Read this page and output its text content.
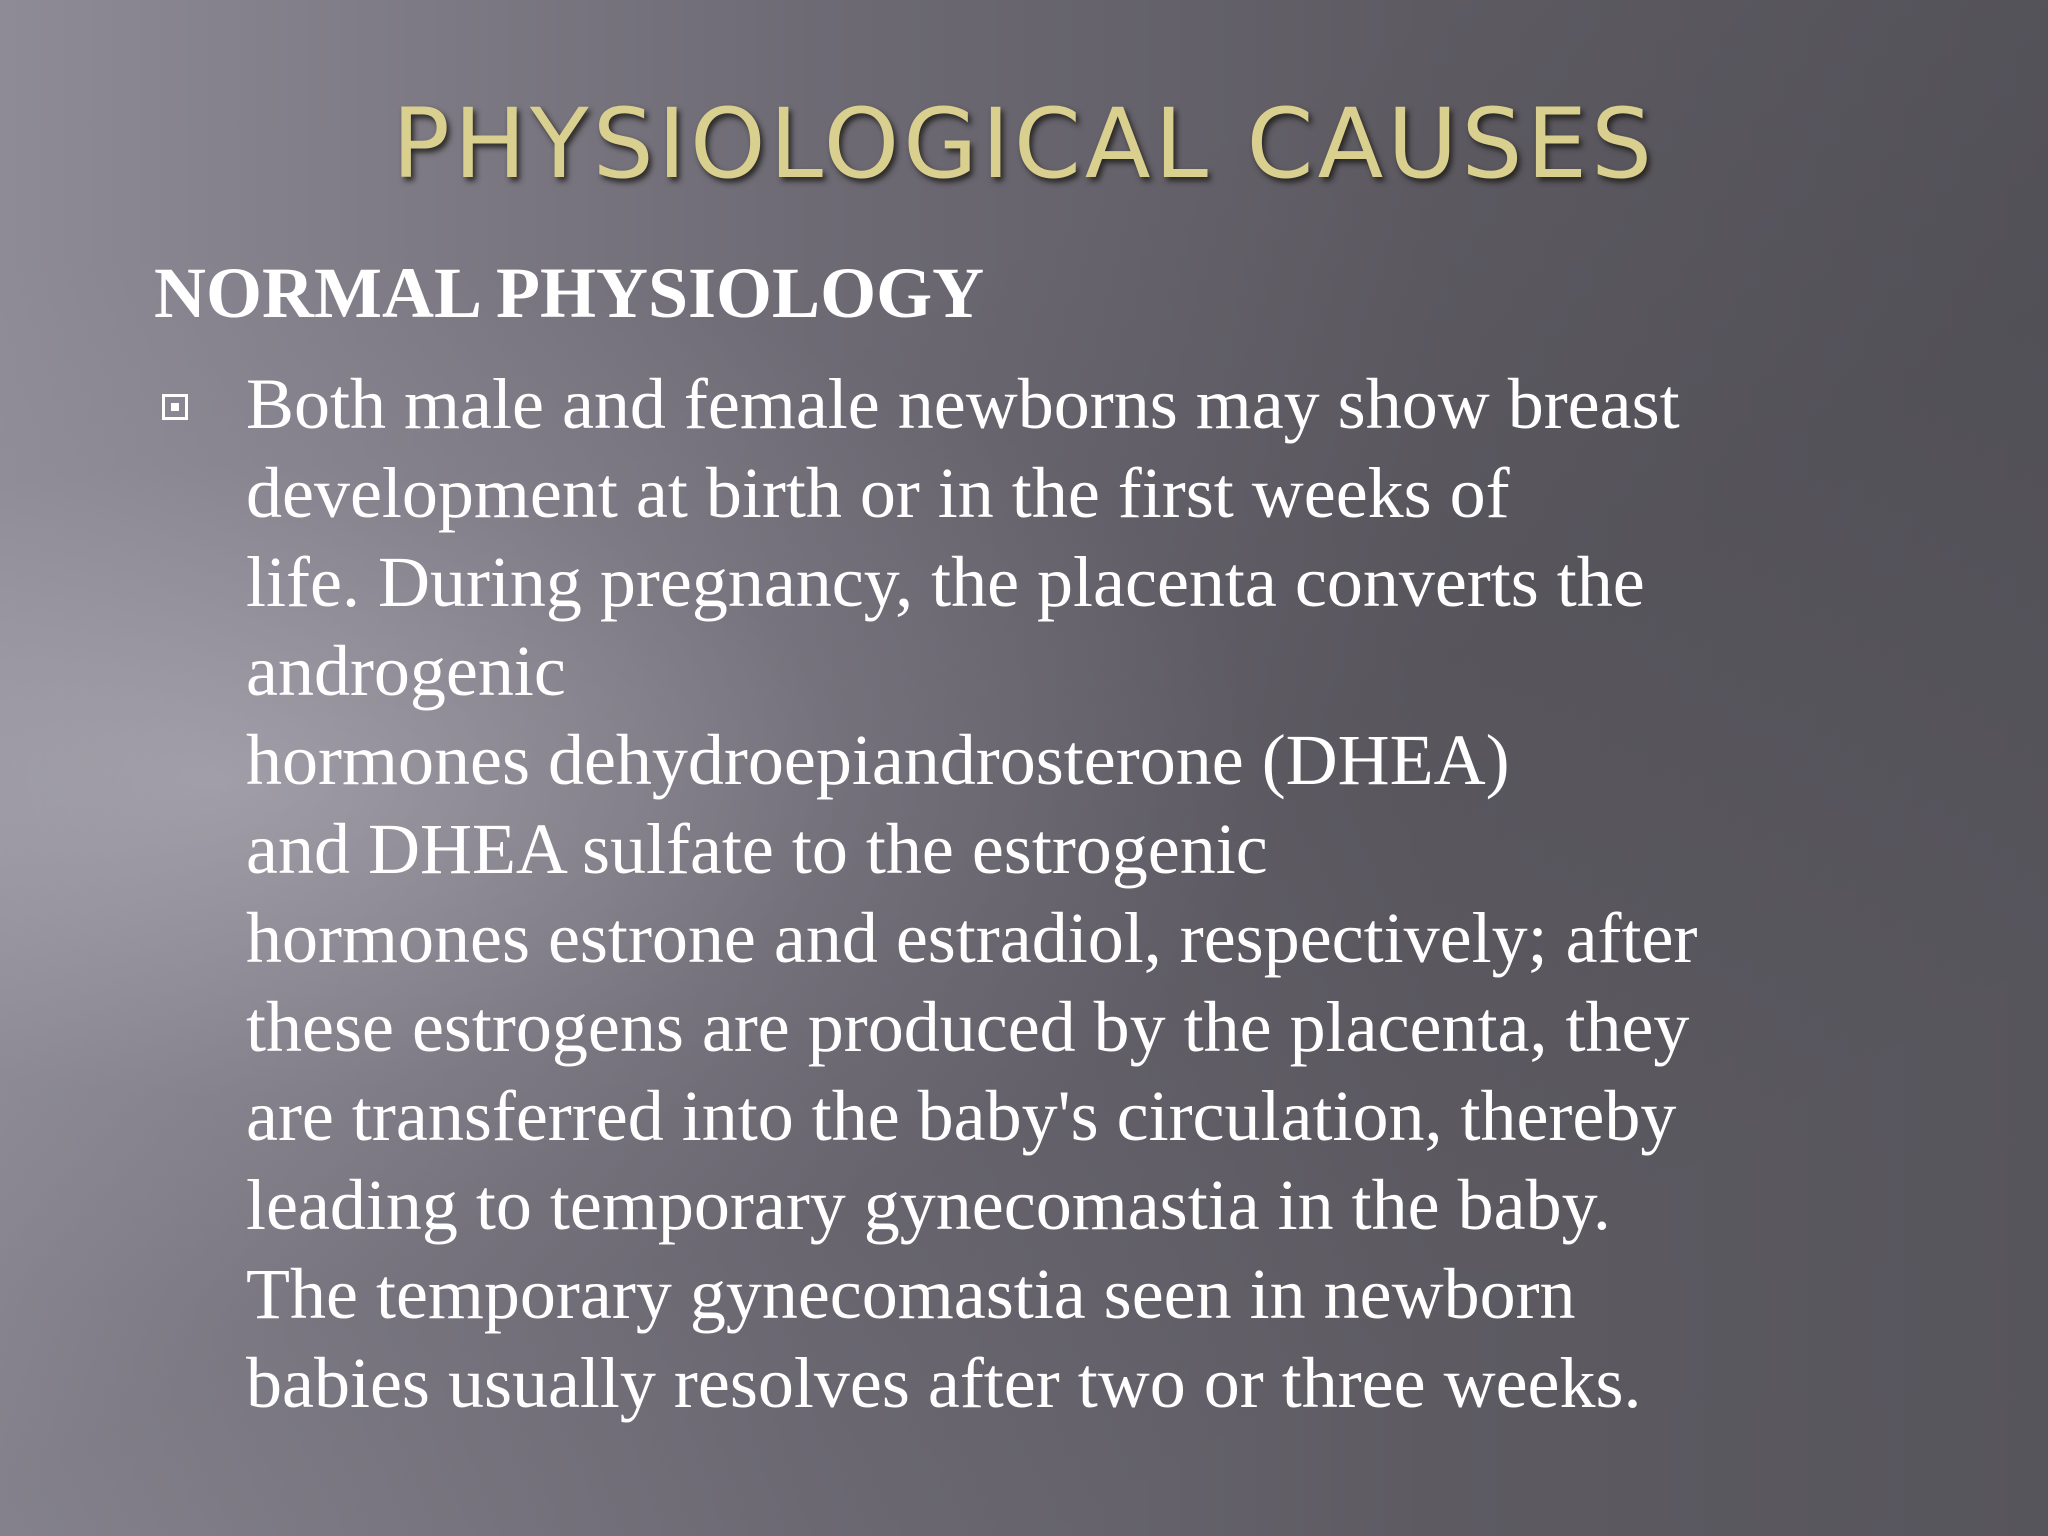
PHYSIOLOGICAL CAUSES
NORMAL PHYSIOLOGY
Both male and female newborns may show breast
development at birth or in the first weeks of
life. During pregnancy, the placenta converts the
androgenic
hormones dehydroepiandrosterone (DHEA)
and DHEA sulfate to the estrogenic
hormones estrone and estradiol, respectively; after
these estrogens are produced by the placenta, they
are transferred into the baby's circulation, thereby
leading to temporary gynecomastia in the baby.
The temporary gynecomastia seen in newborn
babies usually resolves after two or three weeks.
